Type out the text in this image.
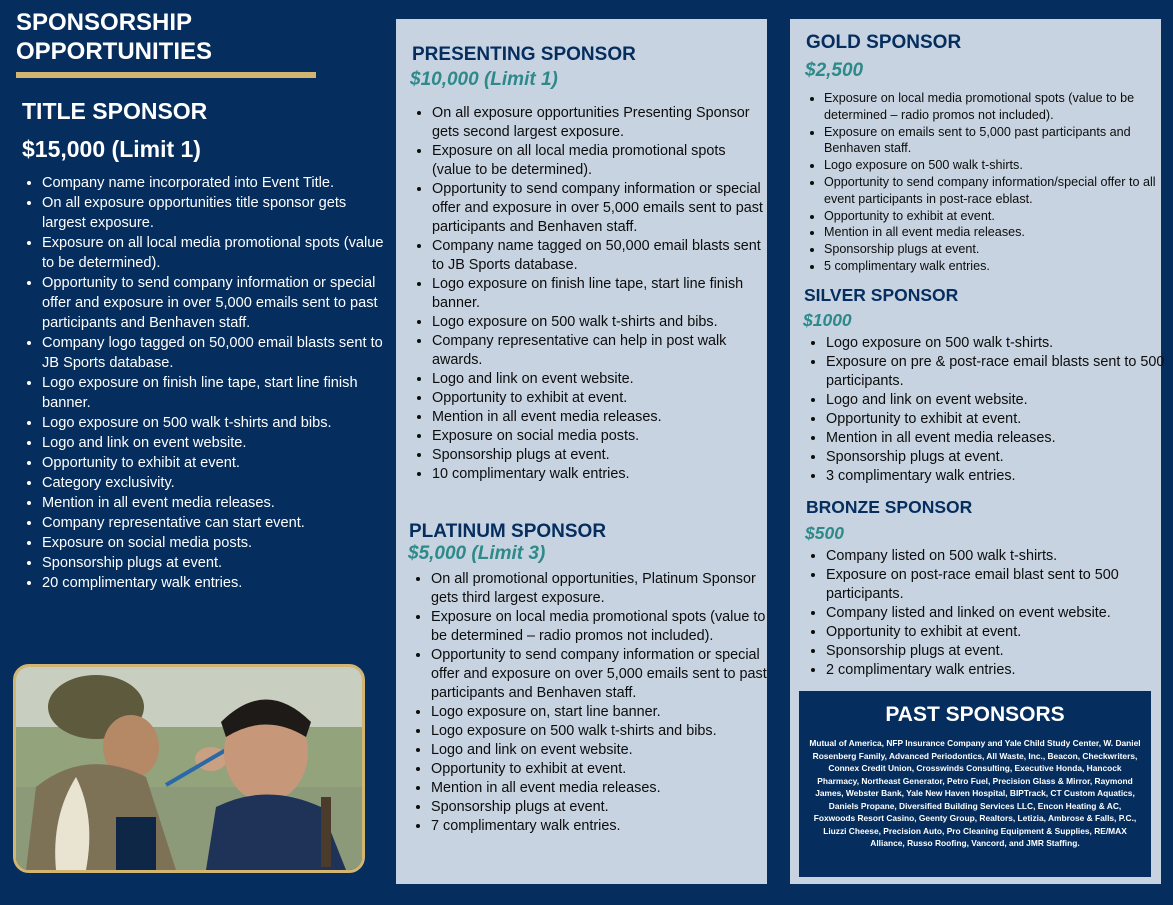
SPONSORSHIP
OPPORTUNITIES
TITLE SPONSOR
$15,000 (Limit 1)
• Company name incorporated into Event Title.
• On all exposure opportunities title sponsor gets largest exposure.
• Exposure on all local media promotional spots (value to be determined).
• Opportunity to send company information or special offer and exposure in over 5,000 emails sent to past participants and Benhaven staff.
• Company logo tagged on 50,000 email blasts sent to JB Sports database.
• Logo exposure on finish line tape, start line finish banner.
• Logo exposure on 500 walk t-shirts and bibs.
• Logo and link on event website.
• Opportunity to exhibit at event.
• Category exclusivity.
• Mention in all event media releases.
• Company representative can start event.
• Exposure on social media posts.
• Sponsorship plugs at event.
• 20 complimentary walk entries.
PRESENTING SPONSOR
$10,000 (Limit 1)
• On all exposure opportunities Presenting Sponsor gets second largest exposure.
• Exposure on all local media promotional spots (value to be determined).
• Opportunity to send company information or special offer and exposure in over 5,000 emails sent to past participants and Benhaven staff.
• Company name tagged on 50,000 email blasts sent to JB Sports database.
• Logo exposure on finish line tape, start line finish banner.
• Logo exposure on 500 walk t-shirts and bibs.
• Company representative can help in post walk awards.
• Logo and link on event website.
• Opportunity to exhibit at event.
• Mention in all event media releases.
• Exposure on social media posts.
• Sponsorship plugs at event.
• 10 complimentary walk entries.
PLATINUM SPONSOR
$5,000 (Limit 3)
• On all promotional opportunities, Platinum Sponsor gets third largest exposure.
• Exposure on local media promotional spots (value to be determined – radio promos not included).
• Opportunity to send company information or special offer and exposure on over 5,000 emails sent to past participants and Benhaven staff.
• Logo exposure on, start line banner.
• Logo exposure on 500 walk t-shirts and bibs.
• Logo and link on event website.
• Opportunity to exhibit at event.
• Mention in all event media releases.
• Sponsorship plugs at event.
• 7 complimentary walk entries.
GOLD SPONSOR
$2,500
• Exposure on local media promotional spots (value to be determined – radio promos not included).
• Exposure on emails sent to 5,000 past participants and Benhaven staff.
• Logo exposure on 500 walk t-shirts.
• Opportunity to send company information/special offer to all event participants in post-race eblast.
• Opportunity to exhibit at event.
• Mention in all event media releases.
• Sponsorship plugs at event.
• 5 complimentary walk entries.
SILVER SPONSOR
$1000
• Logo exposure on 500 walk t-shirts.
• Exposure on pre & post-race email blasts sent to 500 participants.
• Logo and link on event website.
• Opportunity to exhibit at event.
• Mention in all event media releases.
• Sponsorship plugs at event.
• 3 complimentary walk entries.
BRONZE SPONSOR
$500
• Company listed on 500 walk t-shirts.
• Exposure on post-race email blast sent to 500 participants.
• Company listed and linked on event website.
• Opportunity to exhibit at event.
• Sponsorship plugs at event.
• 2 complimentary walk entries.
PAST SPONSORS
Mutual of America, NFP Insurance Company and Yale Child Study Center, W. Daniel Rosenberg Family, Advanced Periodontics, All Waste, Inc., Beacon, Checkwriters, Connex Credit Union, Crosswinds Consulting, Executive Honda, Hancock Pharmacy, Northeast Generator, Petro Fuel, Precision Glass & Mirror, Raymond James, Webster Bank, Yale New Haven Hospital, BIPTrack, CT Custom Aquatics, Daniels Propane, Diversified Building Services LLC, Encon Heating & AC, Foxwoods Resort Casino, Geenty Group, Realtors, Letizia, Ambrose & Falls, P.C., Liuzzi Cheese, Precision Auto, Pro Cleaning Equipment & Supplies, RE/MAX Alliance, Russo Roofing, Vancord, and JMR Staffing.
